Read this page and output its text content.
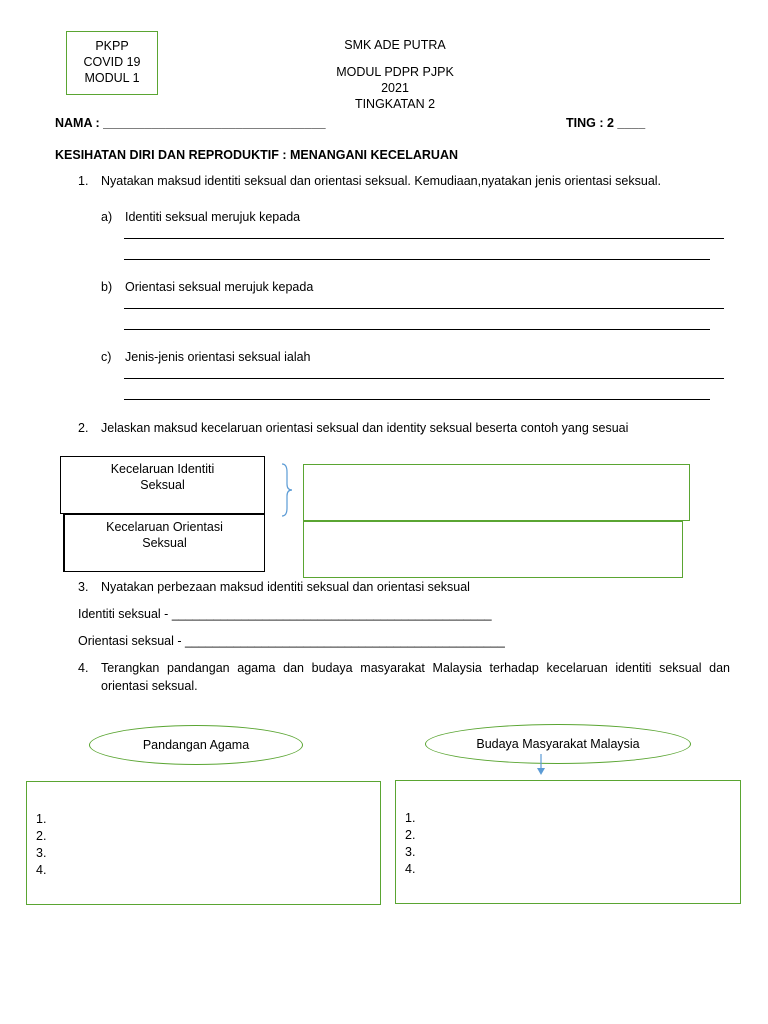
PKPP
COVID 19
MODUL 1
SMK ADE PUTRA
MODUL PDPR PJPK
2021
TINGKATAN 2
NAMA : ________________________________	TING : 2 ____
KESIHATAN DIRI DAN REPRODUKTIF : MENANGANI KECELARUAN
1. Nyatakan maksud identiti seksual dan orientasi seksual. Kemudiaan,nyatakan jenis orientasi seksual.
a) Identiti seksual merujuk kepada
b) Orientasi seksual merujuk kepada
c) Jenis-jenis orientasi seksual ialah
2. Jelaskan maksud kecelaruan orientasi seksual dan identity seksual beserta contoh yang sesuai
Kecelaruan Identiti
Seksual
Kecelaruan Orientasi
Seksual
3. Nyatakan perbezaan maksud identiti seksual dan orientasi seksual
Identiti seksual - ______________________________________________
Orientasi seksual - ______________________________________________
4. Terangkan pandangan agama dan budaya masyarakat Malaysia terhadap kecelaruan identiti seksual dan
orientasi seksual.
Pandangan Agama	Budaya Masyarakat Malaysia
1.
2.
3.
4.
1.
2.
3.
4.
